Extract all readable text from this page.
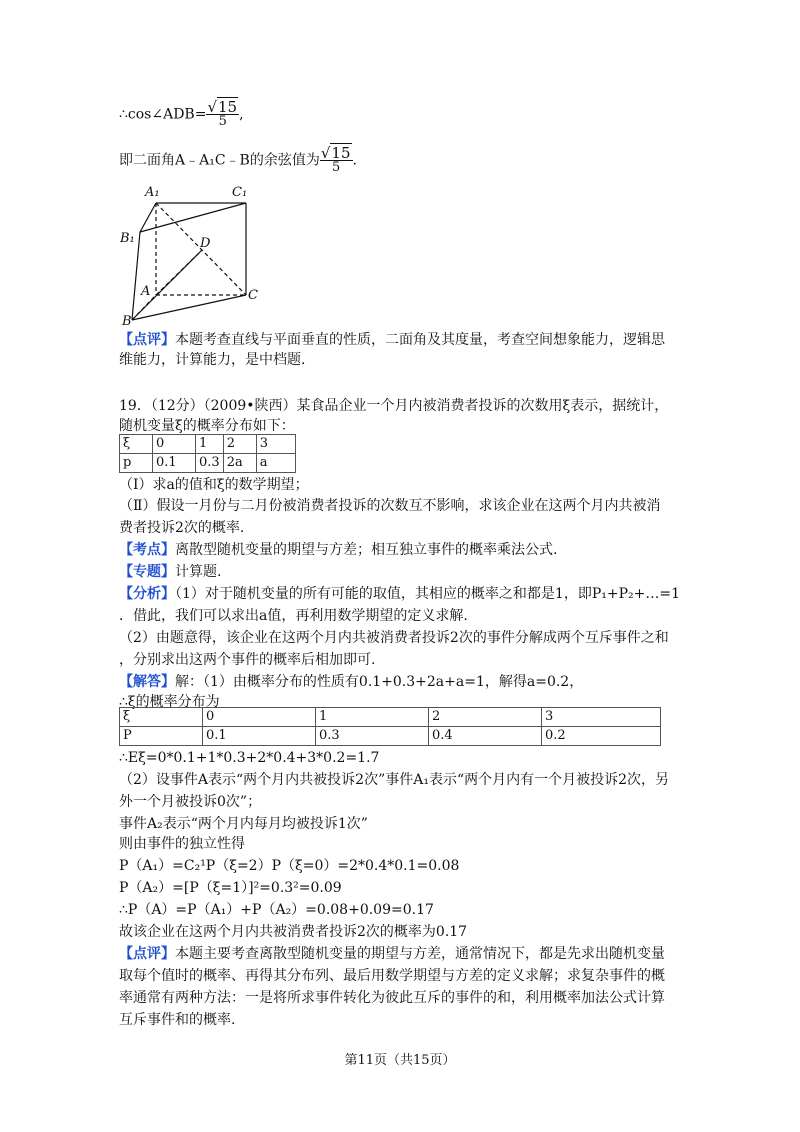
∴cos∠ADB= $\frac{√15}{5}$ ,
即二面角A﹣A₁C﹣B的余弦值为 $\frac{√15}{5}$ .
A₁	C₁
B₁	D
A	C
B
【点评】本题考查直线与平面垂直的性质，二面角及其度量，考查空间想象能力，逻辑思
维能力，计算能力，是中档题.
19．（12分）（2009•陕西）某食品企业一个月内被消费者投诉的次数用ξ表示，据统计，
随机变量ξ的概率分布如下：
ξ	0	1	2	3
p	0.1	0.3	2a	a
（Ⅰ）求a的值和ξ的数学期望；
（Ⅱ）假设一月份与二月份被消费者投诉的次数互不影响，求该企业在这两个月内共被消
费者投诉2次的概率.
【考点】离散型随机变量的期望与方差；相互独立事件的概率乘法公式.
【专题】计算题.
【分析】（1）对于随机变量的所有可能的取值，其相应的概率之和都是1，即P₁+P₂+…=1
．借此，我们可以求出a值，再利用数学期望的定义求解.
（2）由题意得，该企业在这两个月内共被消费者投诉2次的事件分解成两个互斥事件之和
，分别求出这两个事件的概率后相加即可.
【解答】解：（1）由概率分布的性质有0.1+0.3+2a+a=1，解得a=0.2，
∴ξ的概率分布为
ξ	0	1	2	3
P	0.1	0.3	0.4	0.2
∴Eξ=0*0.1+1*0.3+2*0.4+3*0.2=1.7
（2）设事件A表示“两个月内共被投诉2次”事件A₁表示“两个月内有一个月被投诉2次，另
外一个月被投诉0次”；
事件A₂表示“两个月内每月均被投诉1次”
则由事件的独立性得
P（A₁）=C₂¹P（ξ=2）P（ξ=0）=2*0.4*0.1=0.08
P（A₂）=[P（ξ=1）]²=0.3²=0.09
∴P（A）=P（A₁）+P（A₂）=0.08+0.09=0.17
故该企业在这两个月内共被消费者投诉2次的概率为0.17
【点评】本题主要考查离散型随机变量的期望与方差，通常情况下，都是先求出随机变量
取每个值时的概率、再得其分布列、最后用数学期望与方差的定义求解；求复杂事件的概
率通常有两种方法：一是将所求事件转化为彼此互斥的事件的和，利用概率加法公式计算
互斥事件和的概率.
第11页（共15页）
